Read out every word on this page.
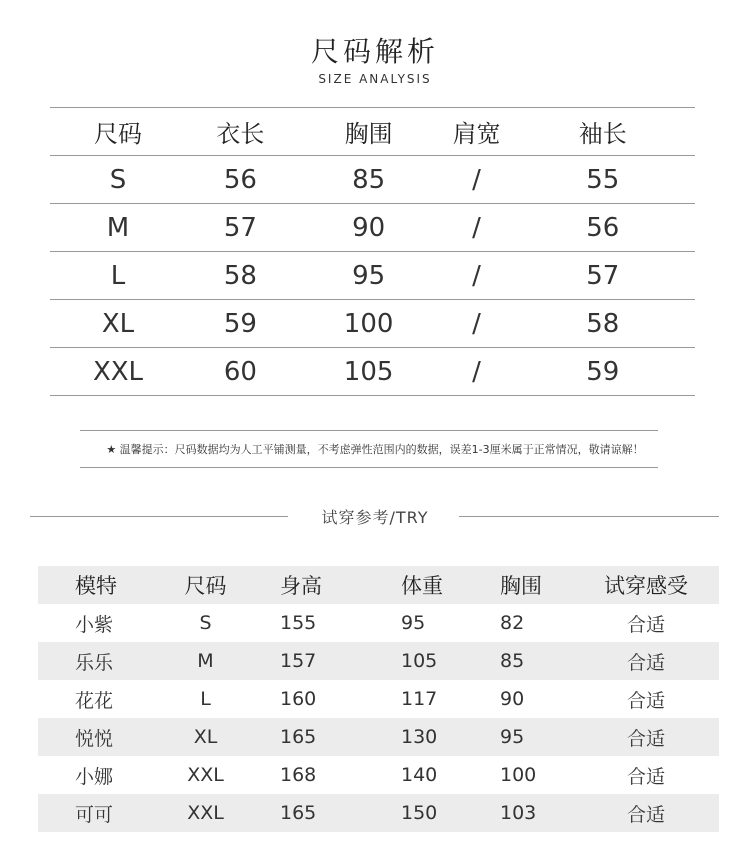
尺码解析
SIZE ANALYSIS
尺码	衣长	胸围	肩宽	袖长
S	56	85	/	55
M	57	90	/	56
L	58	95	/	57
XL	59	100	/	58
XXL	60	105	/	59
★ 温馨提示：尺码数据均为人工平铺测量，不考虑弹性范围内的数据，误差1-3厘米属于正常情况，敬请谅解！
试穿参考/TRY
模特	尺码	身高	体重	胸围	试穿感受
小紫	S	155	95	82	合适
乐乐	M	157	105	85	合适
花花	L	160	117	90	合适
悦悦	XL	165	130	95	合适
小娜	XXL	168	140	100	合适
可可	XXL	165	150	103	合适
